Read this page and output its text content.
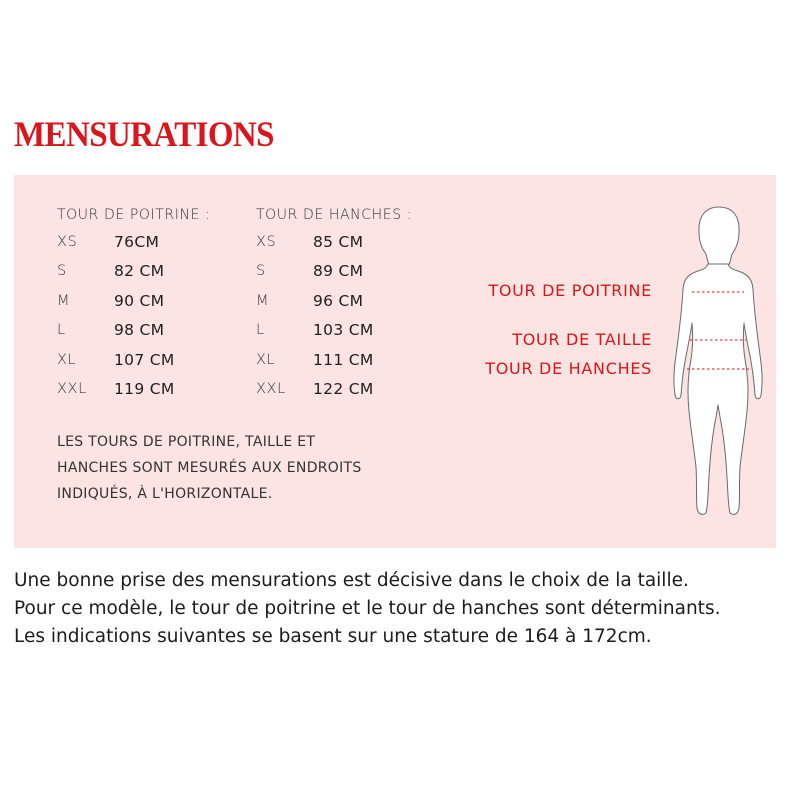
MENSURATIONS
TOUR DE POITRINE :
XS	76CM
S	82 CM
M	90 CM
L	98 CM
XL	107 CM
XXL	119 CM
TOUR DE HANCHES :
XS	85 CM
S	89 CM
M	96 CM
L	103 CM
XL	111 CM
XXL	122 CM
LES TOURS DE POITRINE, TAILLE ET
HANCHES SONT MESURÉS AUX ENDROITS
INDIQUÉS, À L'HORIZONTALE.
TOUR DE POITRINE
TOUR DE TAILLE
TOUR DE HANCHES
Une bonne prise des mensurations est décisive dans le choix de la taille.
Pour ce modèle, le tour de poitrine et le tour de hanches sont déterminants.
Les indications suivantes se basent sur une stature de 164 à 172cm.
